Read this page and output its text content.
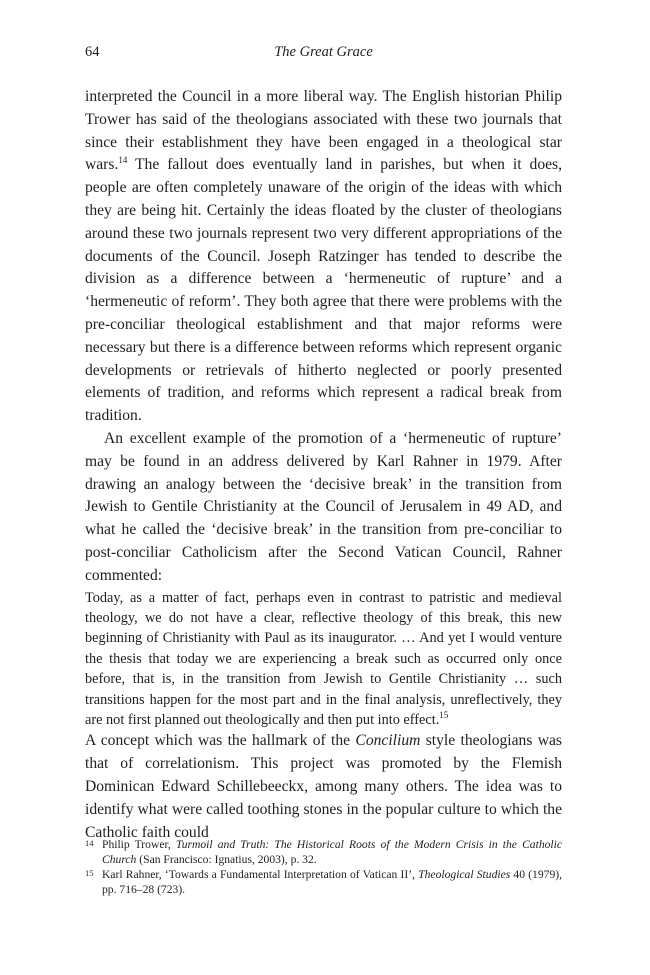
64	The Great Grace

interpreted the Council in a more liberal way. The English historian Philip Trower has said of the theologians associated with these two journals that since their establishment they have been engaged in a theological star wars.$^{14}$ The fallout does eventually land in parishes, but when it does, people are often completely unaware of the origin of the ideas with which they are being hit. Certainly the ideas floated by the cluster of theologians around these two journals represent two very different appropriations of the documents of the Council. Joseph Ratzinger has tended to describe the division as a difference between a ‘hermeneutic of rupture’ and a ‘hermeneutic of reform’. They both agree that there were problems with the pre-conciliar theological establishment and that major reforms were necessary but there is a difference between reforms which represent organic developments or retrievals of hitherto neglected or poorly presented elements of tradition, and reforms which represent a radical break from tradition.

An excellent example of the promotion of a ‘hermeneutic of rupture’ may be found in an address delivered by Karl Rahner in 1979. After drawing an analogy between the ‘decisive break’ in the transition from Jewish to Gentile Christianity at the Council of Jerusalem in 49 AD, and what he called the ‘decisive break’ in the transition from pre-conciliar to post-conciliar Catholicism after the Second Vatican Council, Rahner commented:

Today, as a matter of fact, perhaps even in contrast to patristic and medieval theology, we do not have a clear, reflective theology of this break, this new beginning of Christianity with Paul as its inaugurator. … And yet I would venture the thesis that today we are experiencing a break such as occurred only once before, that is, in the transition from Jewish to Gentile Christianity … such transitions happen for the most part and in the final analysis, unreflectively, they are not first planned out theologically and then put into effect.$^{15}$

A concept which was the hallmark of the Concilium style theologians was that of correlationism. This project was promoted by the Flemish Dominican Edward Schillebeeckx, among many others. The idea was to identify what were called toothing stones in the popular culture to which the Catholic faith could

14 Philip Trower, Turmoil and Truth: The Historical Roots of the Modern Crisis in the Catholic Church (San Francisco: Ignatius, 2003), p. 32.
15 Karl Rahner, ‘Towards a Fundamental Interpretation of Vatican II’, Theological Studies 40 (1979), pp. 716–28 (723).
